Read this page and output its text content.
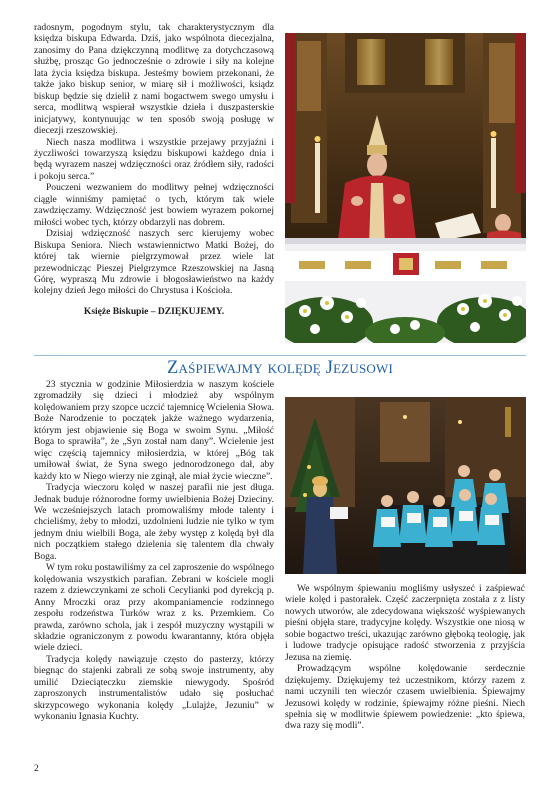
radosnym, pogodnym stylu, tak charakterystycznym dla księdza biskupa Edwarda. Dziś, jako wspólnota diecezjalna, zanosimy do Pana dziękczynną modlitwę za dotychczasową służbę, prosząc Go jednocześnie o zdrowie i siły na kolejne lata życia księdza biskupa. Jesteśmy bowiem przekonani, że także jako biskup senior, w miarę sił i możliwości, ksiądz biskup będzie się dzielił z nami bogactwem swego umysłu i serca, modlitwą wspierał wszystkie dzieła i duszpasterskie inicjatywy, kontynuując w ten sposób swoją posługę w diecezji rzeszowskiej.

Niech nasza modlitwa i wszystkie przejawy przyjaźni i życzliwości towarzyszą księdzu biskupowi każdego dnia i będą wyrazem naszej wdzięczności oraz źródłem siły, radości i pokoju serca.”

Pouczeni wezwaniem do modlitwy pełnej wdzięczności ciągle winniśmy pamiętać o tych, którym tak wiele zawdzięczamy. Wdzięczność jest bowiem wyrazem pokornej miłości wobec tych, którzy obdarzyli nas dobrem.

Dzisiaj wdzięczność naszych serc kierujemy wobec Biskupa Seniora. Niech wstawiennictwo Matki Bożej, do której tak wiernie pielgrzymował przez wiele lat przewodnicząc Pieszej Pielgrzymce Rzeszowskiej na Jasną Górę, wypraszą Mu zdrowie i błogosławieństwo na każdy kolejny dzień Jego miłości do Chrystusa i Kościoła.

Księże Biskupie – DZIĘKUJEMY.

Zaśpiewajmy kolędę Jezusowi

23 stycznia w godzinie Miłosierdzia w naszym kościele zgromadziły się dzieci i młodzież aby wspólnym kolędowaniem przy szopce uczcić tajemnicę Wcielenia Słowa. Boże Narodzenie to początek jakże ważnego wydarzenia, którym jest objawienie się Boga w swoim Synu. „Miłość Boga to sprawiła”, że „Syn został nam dany”. Wcielenie jest więc częścią tajemnicy miłosierdzia, w której „Bóg tak umiłował świat, że Syna swego jednorodzonego dał, aby każdy kto w Niego wierzy nie zginął, ale miał życie wieczne”.

Tradycja wieczoru kolęd w naszej parafii nie jest długa. Jednak buduje różnorodne formy uwielbienia Bożej Dzieciny. We wcześniejszych latach promowaliśmy młode talenty i chcieliśmy, żeby to młodzi, uzdolnieni ludzie nie tylko w tym jednym dniu wielbili Boga, ale żeby występ z kolędą był dla nich początkiem stałego dzielenia się talentem dla chwały Boga.

W tym roku postawiliśmy za cel zaproszenie do wspólnego kolędowania wszystkich parafian. Zebrani w kościele mogli razem z dziewczynkami ze scholi Cecylianki pod dyrekcją p. Anny Mroczki oraz przy akompaniamencie rodzinnego zespołu rodzeństwa Turków wraz z ks. Przemkiem. Co prawda, zarówno schola, jak i zespół muzyczny wystąpili w składzie ograniczonym z powodu kwarantanny, która objęła wiele dzieci.

Tradycja kolędy nawiązuje często do pasterzy, którzy biegnąc do stajenki zabrali ze sobą swoje instrumenty, aby umilić Dzieciąteczku ziemskie niewygody. Spośród zaproszonych instrumentalistów udało się posłuchać skrzypcowego wykonania kolędy „Lulajże, Jezuniu” w wykonaniu Ignasia Kuchty.

We wspólnym śpiewaniu mogliśmy usłyszeć i zaśpiewać wiele kolęd i pastorałek. Część zaczerpnięta została z z listy nowych utworów, ale zdecydowana większość wyśpiewanych pieśni objęła stare, tradycyjne kolędy. Wszystkie one niosą w sobie bogactwo treści, ukazując zarówno głęboką teologię, jak i ludowe tradycje opisujące radość stworzenia z przyjścia Jezusa na ziemię.

Prowadzącym wspólne kolędowanie serdecznie dziękujemy. Dziękujemy też uczestnikom, którzy razem z nami uczynili ten wieczór czasem uwielbienia. Śpiewajmy Jezusowi kolędy w rodzinie, śpiewajmy różne pieśni. Niech spełnia się w modlitwie śpiewem powiedzenie: „kto śpiewa, dwa razy się modli”.

2
